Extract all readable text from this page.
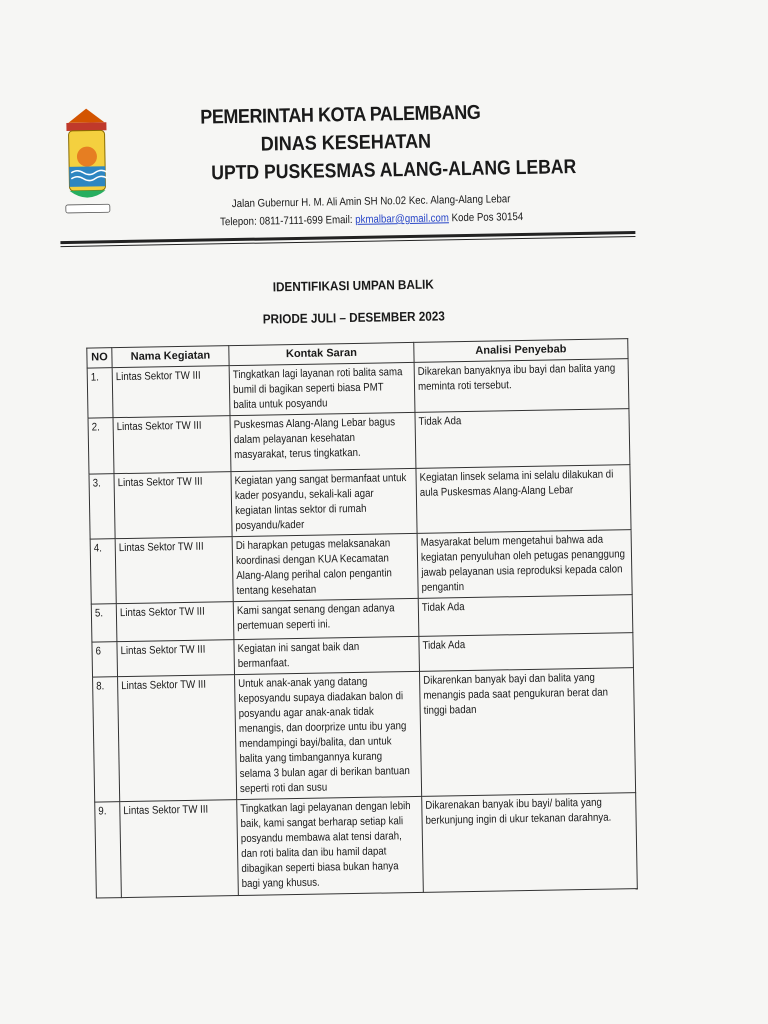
PEMERINTAH KOTA PALEMBANG
DINAS KESEHATAN
UPTD PUSKESMAS ALANG-ALANG LEBAR
Jalan Gubernur H. M. Ali Amin SH No.02 Kec. Alang-Alang Lebar
Telepon: 0811-7111-699 Email: pkmalbar@gmail.com Kode Pos 30154
IDENTIFIKASI UMPAN BALIK
PRIODE JULI – DESEMBER 2023
NO	Nama Kegiatan	Kontak Saran	Analisi Penyebab
1.	Lintas Sektor TW III	Tingkatkan lagi layanan roti balita sama bumil di bagikan seperti biasa PMT balita untuk posyandu	Dikarekan banyaknya ibu bayi dan balita yang meminta roti tersebut.
2.	Lintas Sektor TW III	Puskesmas Alang-Alang Lebar bagus dalam pelayanan kesehatan masyarakat, terus tingkatkan.	Tidak Ada
3.	Lintas Sektor TW III	Kegiatan yang sangat bermanfaat untuk kader posyandu, sekali-kali agar kegiatan lintas sektor di rumah posyandu/kader	Kegiatan linsek selama ini selalu dilakukan di aula Puskesmas Alang-Alang Lebar
4.	Lintas Sektor TW III	Di harapkan petugas melaksanakan koordinasi dengan KUA Kecamatan Alang-Alang perihal calon pengantin tentang kesehatan	Masyarakat belum mengetahui bahwa ada kegiatan penyuluhan oleh petugas penanggung jawab pelayanan usia reproduksi kepada calon pengantin
5.	Lintas Sektor TW III	Kami sangat senang dengan adanya pertemuan seperti ini.	Tidak Ada
6	Lintas Sektor TW III	Kegiatan ini sangat baik dan bermanfaat.	Tidak Ada
8.	Lintas Sektor TW III	Untuk anak-anak yang datang keposyandu supaya diadakan balon di posyandu agar anak-anak tidak menangis, dan doorprize untu ibu yang mendampingi bayi/balita, dan untuk balita yang timbangannya kurang selama 3 bulan agar di berikan bantuan seperti roti dan susu	Dikarenkan banyak bayi dan balita yang menangis pada saat pengukuran berat dan tinggi badan
9.	Lintas Sektor TW III	Tingkatkan lagi pelayanan dengan lebih baik, kami sangat berharap setiap kali posyandu membawa alat tensi darah, dan roti balita dan ibu hamil dapat dibagikan seperti biasa bukan hanya bagi yang khusus.	Dikarenakan banyak ibu bayi/ balita yang berkunjung ingin di ukur tekanan darahnya.
